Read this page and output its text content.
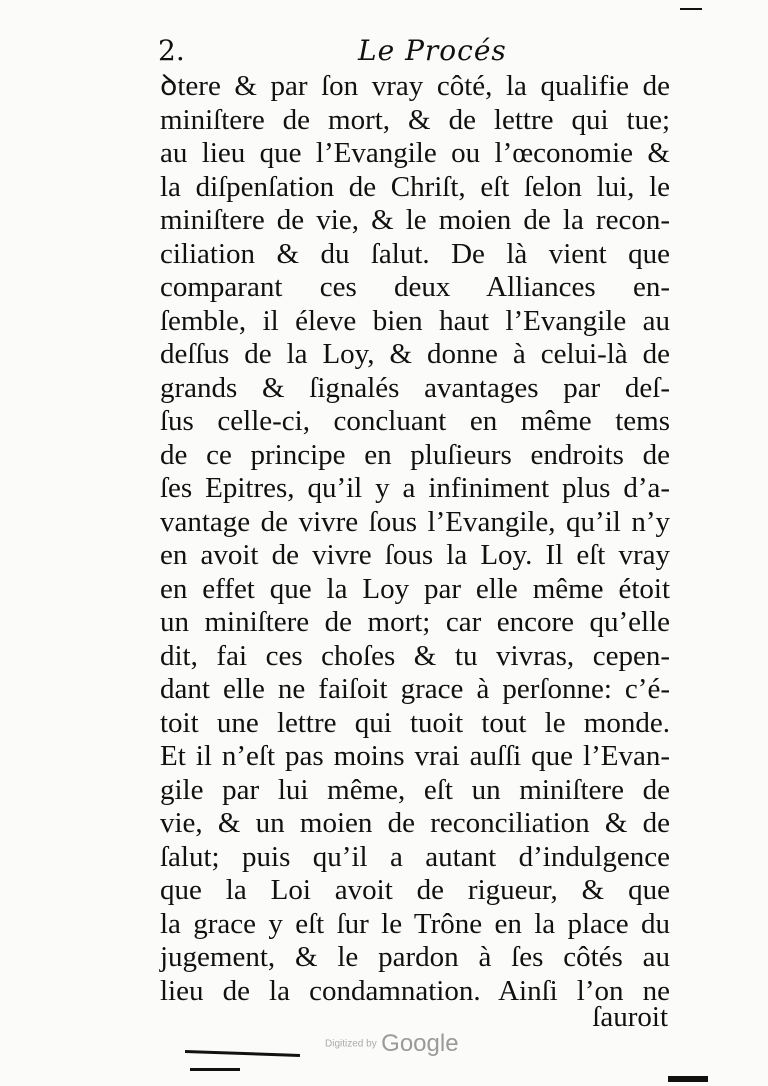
2.	Le Procés
ꝺtere & par ſon vray côté, la qualifie de
miniſtere de mort, & de lettre qui tue;
au lieu que l’Evangile ou l’œconomie &
la diſpenſation de Chriſt, eſt ſelon lui, le
miniſtere de vie, & le moien de la recon-
ciliation & du ſalut. De là vient que
comparant ces deux Alliances en-
ſemble, il éleve bien haut l’Evangile au
deſſus de la Loy, & donne à celui-là de
grands & ſignalés avantages par deſ-
ſus celle-ci, concluant en même tems
de ce principe en pluſieurs endroits de
ſes Epitres, qu’il y a infiniment plus d’a-
vantage de vivre ſous l’Evangile, qu’il n’y
en avoit de vivre ſous la Loy. Il eſt vray
en effet que la Loy par elle même étoit
un miniſtere de mort; car encore qu’elle
dit, fai ces choſes & tu vivras, cepen-
dant elle ne faiſoit grace à perſonne: c’é-
toit une lettre qui tuoit tout le monde.
Et il n’eſt pas moins vrai auſſi que l’Evan-
gile par lui même, eſt un miniſtere de
vie, & un moien de reconciliation & de
ſalut; puis qu’il a autant d’indulgence
que la Loi avoit de rigueur, & que
la grace y eſt ſur le Trône en la place du
jugement, & le pardon à ſes côtés au
lieu de la condamnation. Ainſi l’on ne
ſauroit
Digitized by Google
